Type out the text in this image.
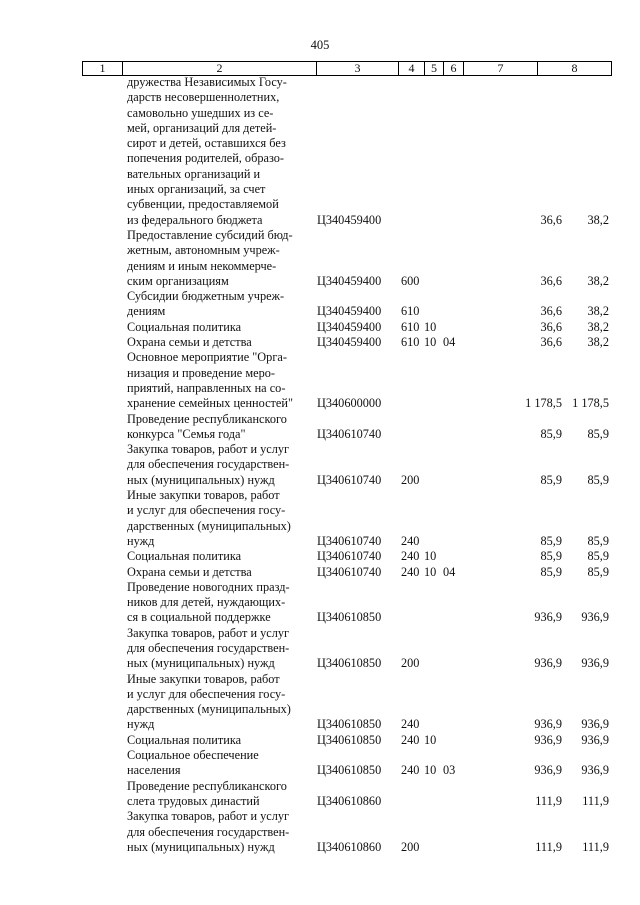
405
1	2	3	4	5	6	7	8
дружества Независимых Госу-
дарств несовершеннолетних,
самовольно ушедших из се-
мей, организаций для детей-
сирот и детей, оставшихся без
попечения родителей, образо-
вательных организаций и
иных организаций, за счет
субвенции, предоставляемой
из федерального бюджета	Ц340459400	36,6 38,2
Предоставление субсидий бюд-
жетным, автономным учреж-
дениям и иным некоммерче-
ским организациям	Ц340459400 600	36,6 38,2
Субсидии бюджетным учреж-
дениям	Ц340459400 610	36,6 38,2
Социальная политика	Ц340459400 610 10	36,6 38,2
Охрана семьи и детства	Ц340459400 610 10 04	36,6 38,2
Основное мероприятие "Орга-
низация и проведение меро-
приятий, направленных на со-
хранение семейных ценностей"	Ц340600000	1 178,5 1 178,5
Проведение республиканского
конкурса "Семья года"	Ц340610740	85,9 85,9
Закупка товаров, работ и услуг
для обеспечения государствен-
ных (муниципальных) нужд	Ц340610740 200	85,9 85,9
Иные закупки товаров, работ
и услуг для обеспечения госу-
дарственных (муниципальных)
нужд	Ц340610740 240	85,9 85,9
Социальная политика	Ц340610740 240 10	85,9 85,9
Охрана семьи и детства	Ц340610740 240 10 04	85,9 85,9
Проведение новогодних празд-
ников для детей, нуждающих-
ся в социальной поддержке	Ц340610850	936,9 936,9
Закупка товаров, работ и услуг
для обеспечения государствен-
ных (муниципальных) нужд	Ц340610850 200	936,9 936,9
Иные закупки товаров, работ
и услуг для обеспечения госу-
дарственных (муниципальных)
нужд	Ц340610850 240	936,9 936,9
Социальная политика	Ц340610850 240 10	936,9 936,9
Социальное обеспечение
населения	Ц340610850 240 10 03	936,9 936,9
Проведение республиканского
слета трудовых династий	Ц340610860	111,9 111,9
Закупка товаров, работ и услуг
для обеспечения государствен-
ных (муниципальных) нужд	Ц340610860 200	111,9 111,9
